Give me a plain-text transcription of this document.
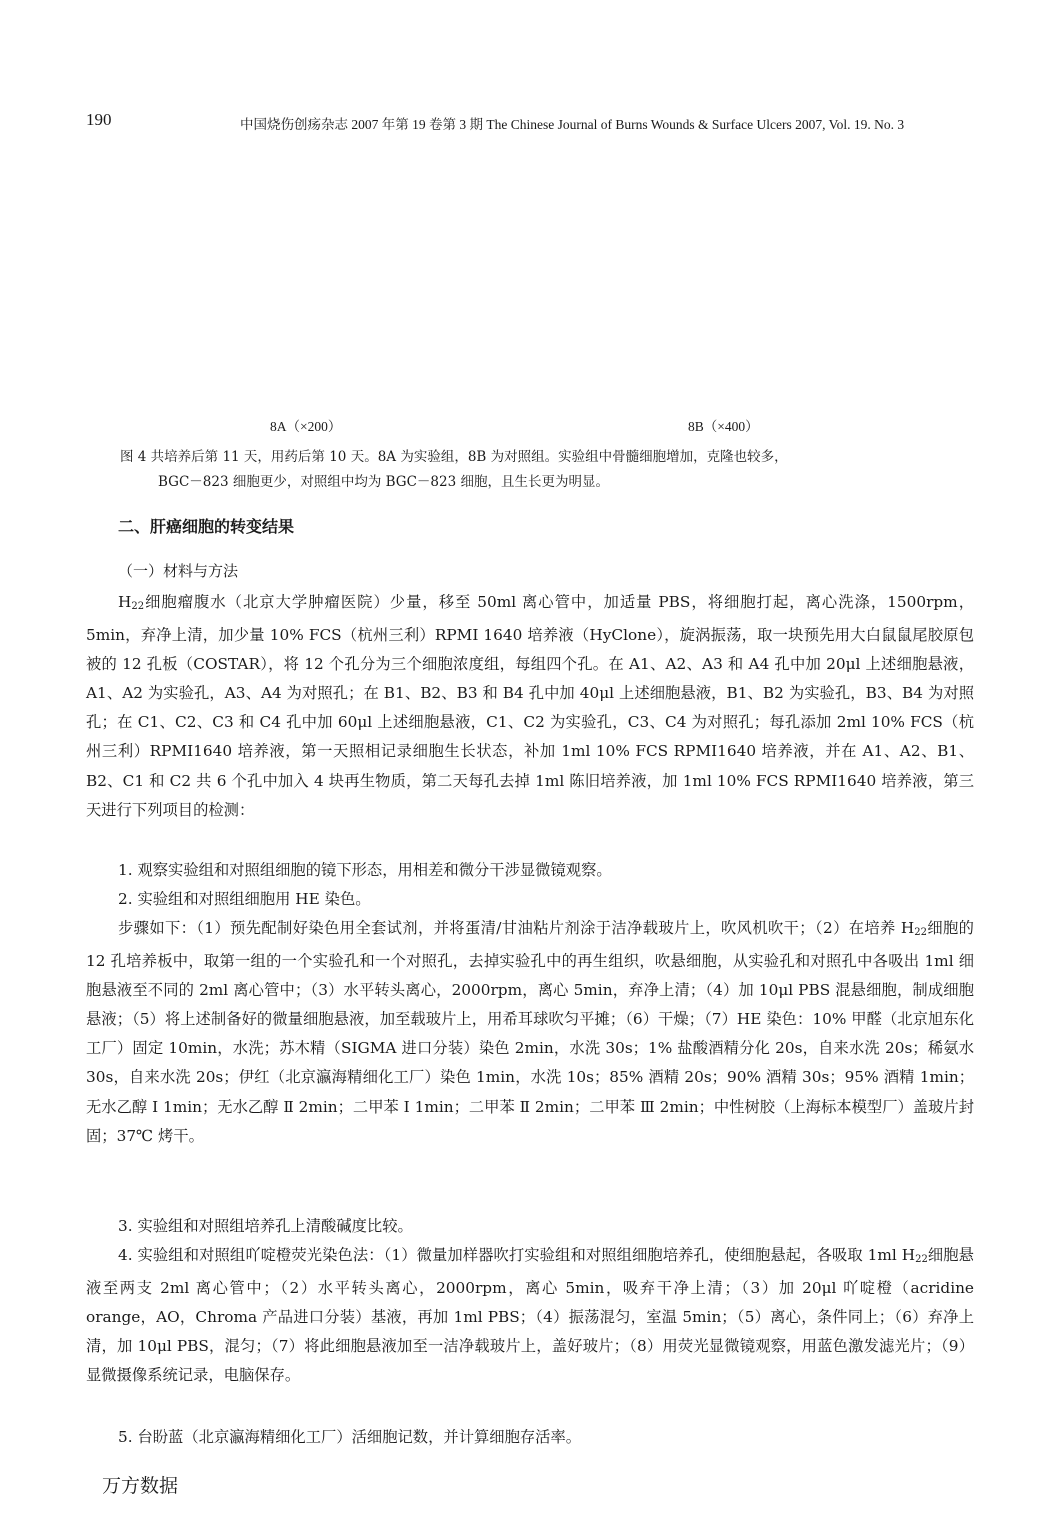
190	中国烧伤创疡杂志 2007 年第 19 卷第 3 期 The Chinese Journal of Burns Wounds & Surface Ulcers 2007, Vol. 19. No. 3
8A（×200）	8B（×400）
图 4 共培养后第 11 天，用药后第 10 天。8A 为实验组，8B 为对照组。实验组中骨髓细胞增加，克隆也较多，
BGC－823 细胞更少，对照组中均为 BGC－823 细胞，且生长更为明显。
二、肝癌细胞的转变结果
（一）材料与方法

$H_{22}$细胞瘤腹水（北京大学肿瘤医院）少量，移至 50ml 离心管中，加适量 PBS，将细胞打起，离心洗涤，1500rpm，5min，弃净上清，加少量 10% FCS（杭州三利）RPMI 1640 培养液（HyClone），旋涡振荡，取一块预先用大白鼠鼠尾胶原包被的 12 孔板（COSTAR），将 12 个孔分为三个细胞浓度组，每组四个孔。在 A1、A2、A3 和 A4 孔中加 20μl 上述细胞悬液，A1、A2 为实验孔，A3、A4 为对照孔；在 B1、B2、B3 和 B4 孔中加 40μl 上述细胞悬液，B1、B2 为实验孔，B3、B4 为对照孔；在 C1、C2、C3 和 C4 孔中加 60μl 上述细胞悬液，C1、C2 为实验孔，C3、C4 为对照孔；每孔添加 2ml 10% FCS（杭州三利）RPMI1640 培养液，第一天照相记录细胞生长状态，补加 1ml 10% FCS RPMI1640 培养液，并在 A1、A2、B1、B2、C1 和 C2 共 6 个孔中加入 4 块再生物质，第二天每孔去掉 1ml 陈旧培养液，加 1ml 10% FCS RPMI1640 培养液，第三天进行下列项目的检测：

1. 观察实验组和对照组细胞的镜下形态，用相差和微分干涉显微镜观察。
2. 实验组和对照组细胞用 HE 染色。

步骤如下：（1）预先配制好染色用全套试剂，并将蛋清/甘油粘片剂涂于洁净载玻片上，吹风机吹干；（2）在培养 $H_{22}$细胞的 12 孔培养板中，取第一组的一个实验孔和一个对照孔，去掉实验孔中的再生组织，吹悬细胞，从实验孔和对照孔中各吸出 1ml 细胞悬液至不同的 2ml 离心管中；（3）水平转头离心，2000rpm，离心 5min，弃净上清；（4）加 10μl PBS 混悬细胞，制成细胞悬液；（5）将上述制备好的微量细胞悬液，加至载玻片上，用希耳球吹匀平摊；（6）干燥；（7）HE 染色：10% 甲醛（北京旭东化工厂）固定 10min，水洗；苏木精（SIGMA 进口分装）染色 2min，水洗 30s；1% 盐酸酒精分化 20s，自来水洗 20s；稀氨水 30s，自来水洗 20s；伊红（北京瀛海精细化工厂）染色 1min，水洗 10s；85% 酒精 20s；90% 酒精 30s；95% 酒精 1min；无水乙醇 Ⅰ 1min；无水乙醇 Ⅱ 2min；二甲苯 Ⅰ 1min；二甲苯 Ⅱ 2min；二甲苯 Ⅲ 2min；中性树胶（上海标本模型厂）盖玻片封固；37℃ 烤干。

3. 实验组和对照组培养孔上清酸碱度比较。

4. 实验组和对照组吖啶橙荧光染色法：（1）微量加样器吹打实验组和对照组细胞培养孔，使细胞悬起，各吸取 1ml $H_{22}$细胞悬液至两支 2ml 离心管中；（2）水平转头离心，2000rpm，离心 5min，吸弃干净上清；（3）加 20μl 吖啶橙（acridine orange，AO，Chroma 产品进口分装）基液，再加 1ml PBS；（4）振荡混匀，室温 5min；（5）离心，条件同上；（6）弃净上清，加 10μl PBS，混匀；（7）将此细胞悬液加至一洁净载玻片上，盖好玻片；（8）用荧光显微镜观察，用蓝色激发滤光片；（9）显微摄像系统记录，电脑保存。

5. 台盼蓝（北京瀛海精细化工厂）活细胞记数，并计算细胞存活率。
万方数据
